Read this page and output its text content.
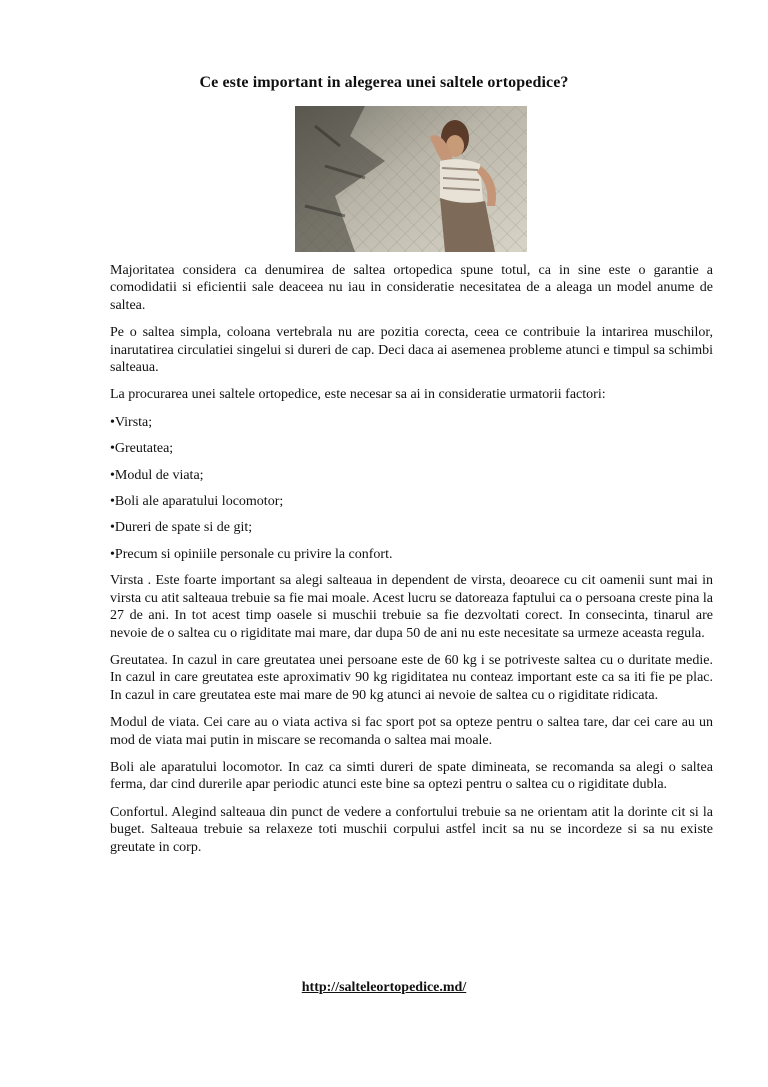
Ce este important in alegerea unei saltele ortopedice?

Majoritatea considera ca denumirea de saltea ortopedica spune totul, ca in sine este o garantie a comodidatii si eficientii sale deaceea nu iau in consideratie necesitatea de a aleaga un model anume de saltea.

Pe o saltea simpla, coloana vertebrala nu are pozitia corecta, ceea ce contribuie la intarirea muschilor, inarutatirea circulatiei singelui si dureri de cap. Deci daca ai asemenea probleme atunci e timpul sa schimbi salteaua.

La procurarea unei saltele ortopedice, este necesar sa ai in consideratie urmatorii factori:

•Virsta;

•Greutatea;

•Modul de viata;

•Boli ale aparatului locomotor;

•Dureri de spate si de git;

•Precum si opiniile personale cu privire la confort.

Virsta . Este foarte important sa alegi salteaua in dependent de virsta, deoarece cu cit oamenii sunt mai in virsta cu atit salteaua trebuie sa fie mai moale. Acest lucru se datoreaza faptului ca o persoana creste pina la 27 de ani. In tot acest timp oasele si muschii trebuie sa fie dezvoltati corect. In consecinta, tinarul are nevoie de o saltea cu o rigiditate mai mare, dar dupa 50 de ani nu este necesitate sa urmeze aceasta regula.

Greutatea. In cazul in care greutatea unei persoane este de 60 kg i se potriveste saltea cu o duritate medie. In cazul in care greutatea este aproximativ 90 kg rigiditatea nu conteaz important este ca sa iti fie pe plac. In cazul in care greutatea este mai mare de 90 kg atunci ai nevoie de saltea cu o rigiditate ridicata.

Modul de viata. Cei care au o viata activa si fac sport pot sa opteze pentru o saltea tare, dar cei care au un mod de viata mai putin in miscare se recomanda o saltea mai moale.

Boli ale aparatului locomotor. In caz ca simti dureri de spate dimineata, se recomanda sa alegi o saltea ferma, dar cind durerile apar periodic atunci este bine sa optezi pentru o saltea cu o rigiditate dubla.

Confortul. Alegind salteaua din punct de vedere a confortului trebuie sa ne orientam atit la dorinte cit si la buget. Salteaua trebuie sa relaxeze toti muschii corpului astfel incit sa nu se incordeze si sa nu existe greutate in corp.

http://salteleortopedice.md/
